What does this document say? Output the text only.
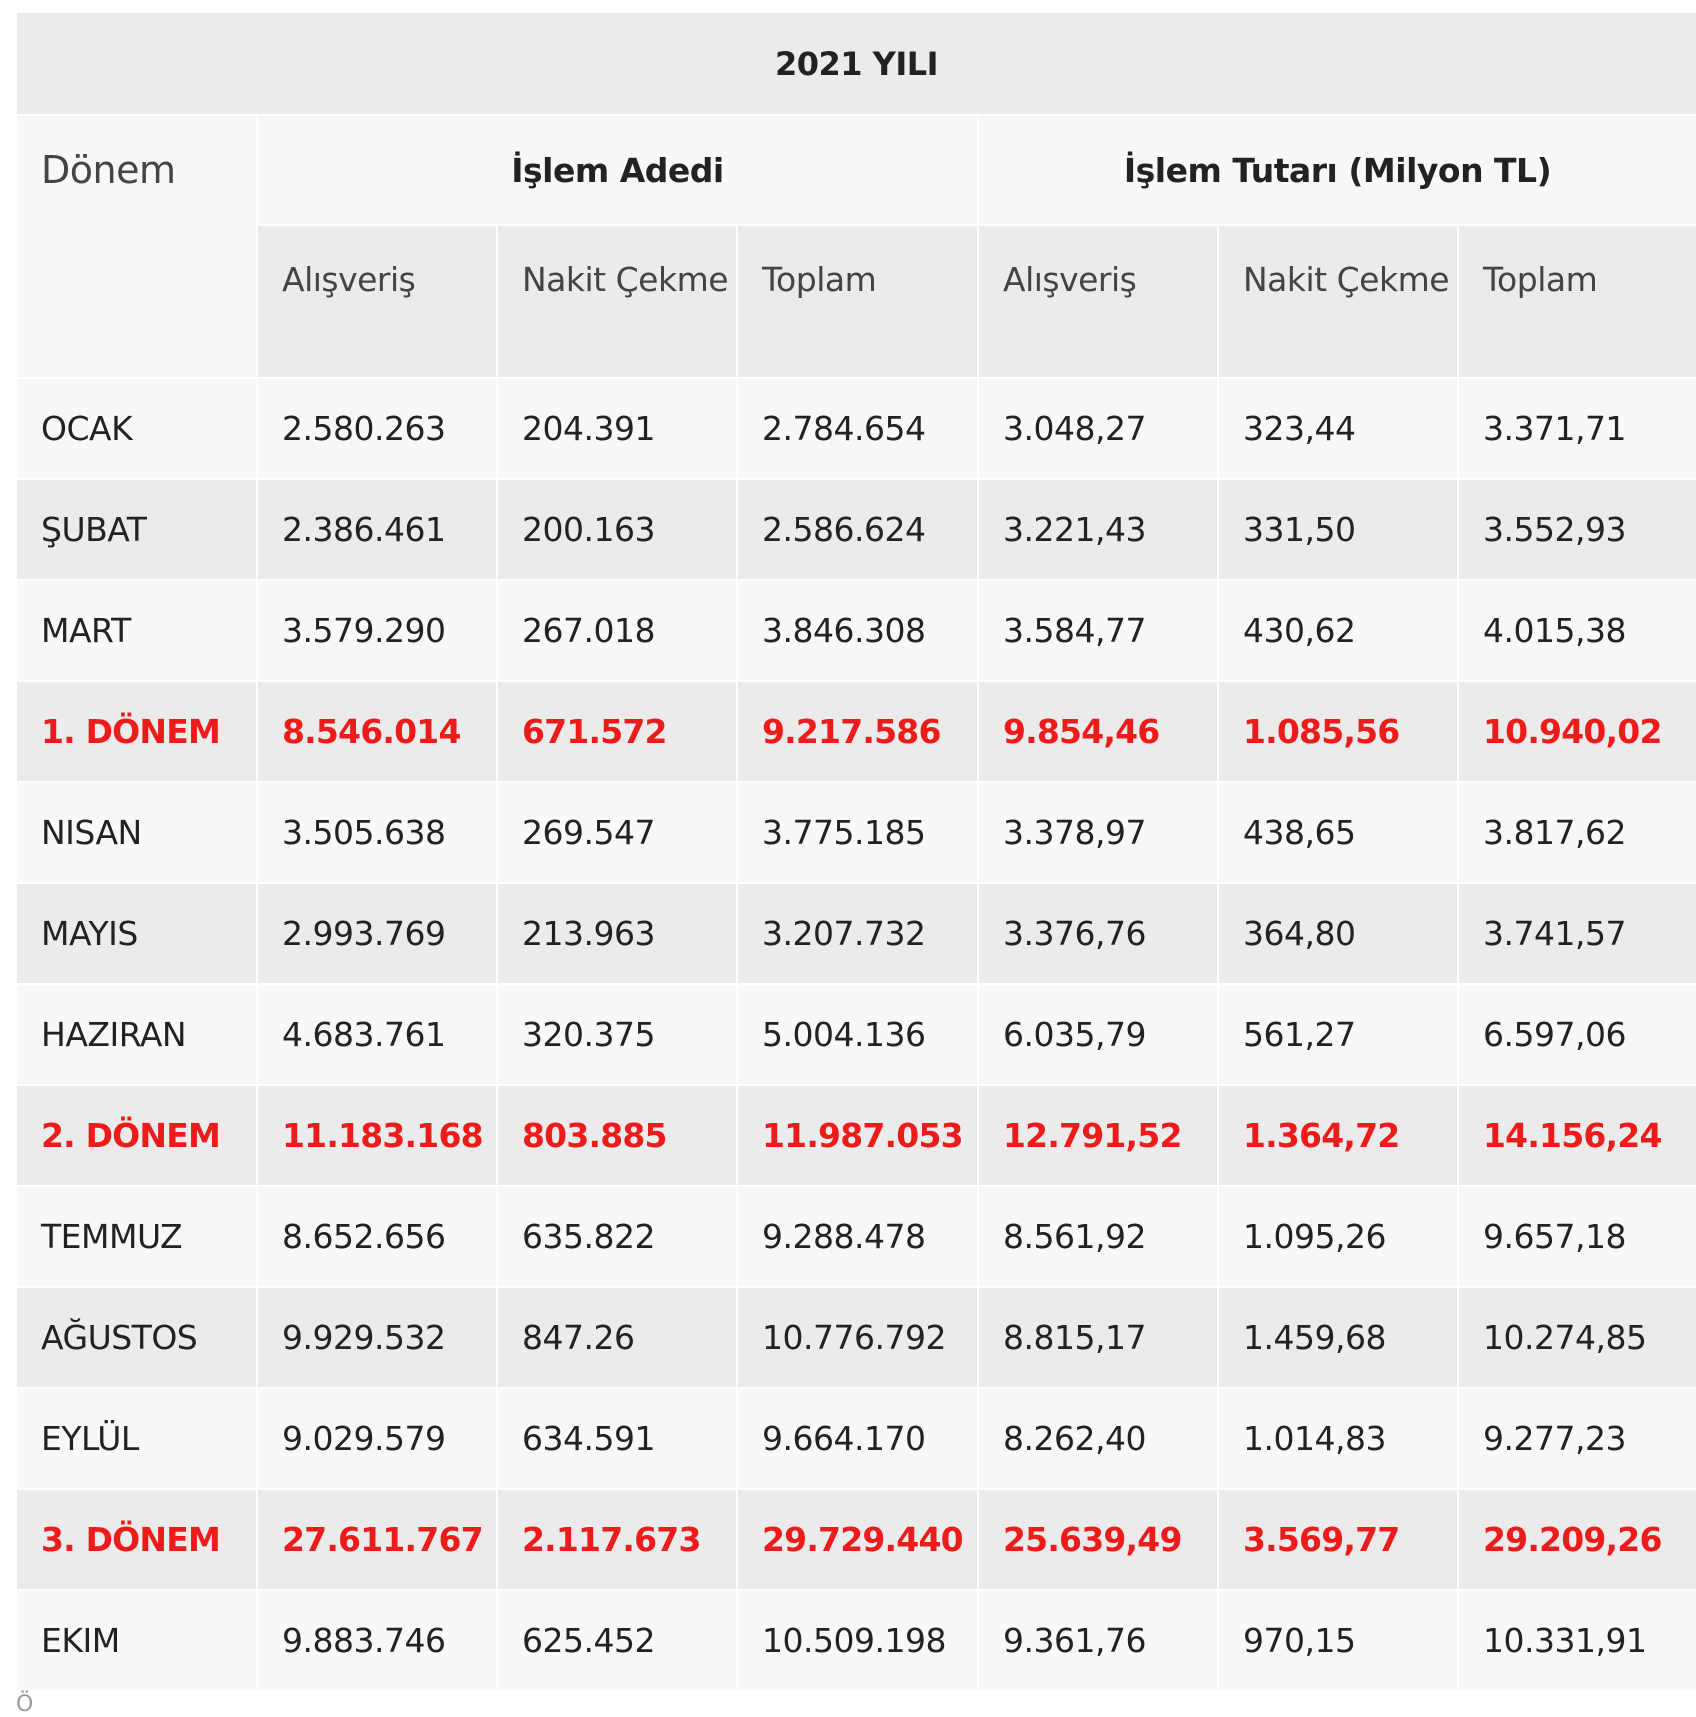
2021 YILI						
Dönem	İşlem Adedi			İşlem Tutarı (Milyon TL)		
	Alışveriş	Nakit Çekme	Toplam	Alışveriş	Nakit Çekme	Toplam
OCAK	2.580.263	204.391	2.784.654	3.048,27	323,44	3.371,71
ŞUBAT	2.386.461	200.163	2.586.624	3.221,43	331,50	3.552,93
MART	3.579.290	267.018	3.846.308	3.584,77	430,62	4.015,38
1. DÖNEM	8.546.014	671.572	9.217.586	9.854,46	1.085,56	10.940,02
NISAN	3.505.638	269.547	3.775.185	3.378,97	438,65	3.817,62
MAYIS	2.993.769	213.963	3.207.732	3.376,76	364,80	3.741,57
HAZIRAN	4.683.761	320.375	5.004.136	6.035,79	561,27	6.597,06
2. DÖNEM	11.183.168	803.885	11.987.053	12.791,52	1.364,72	14.156,24
TEMMUZ	8.652.656	635.822	9.288.478	8.561,92	1.095,26	9.657,18
AĞUSTOS	9.929.532	847.26	10.776.792	8.815,17	1.459,68	10.274,85
EYLÜL	9.029.579	634.591	9.664.170	8.262,40	1.014,83	9.277,23
3. DÖNEM	27.611.767	2.117.673	29.729.440	25.639,49	3.569,77	29.209,26
EKIM	9.883.746	625.452	10.509.198	9.361,76	970,15	10.331,91
Ö
